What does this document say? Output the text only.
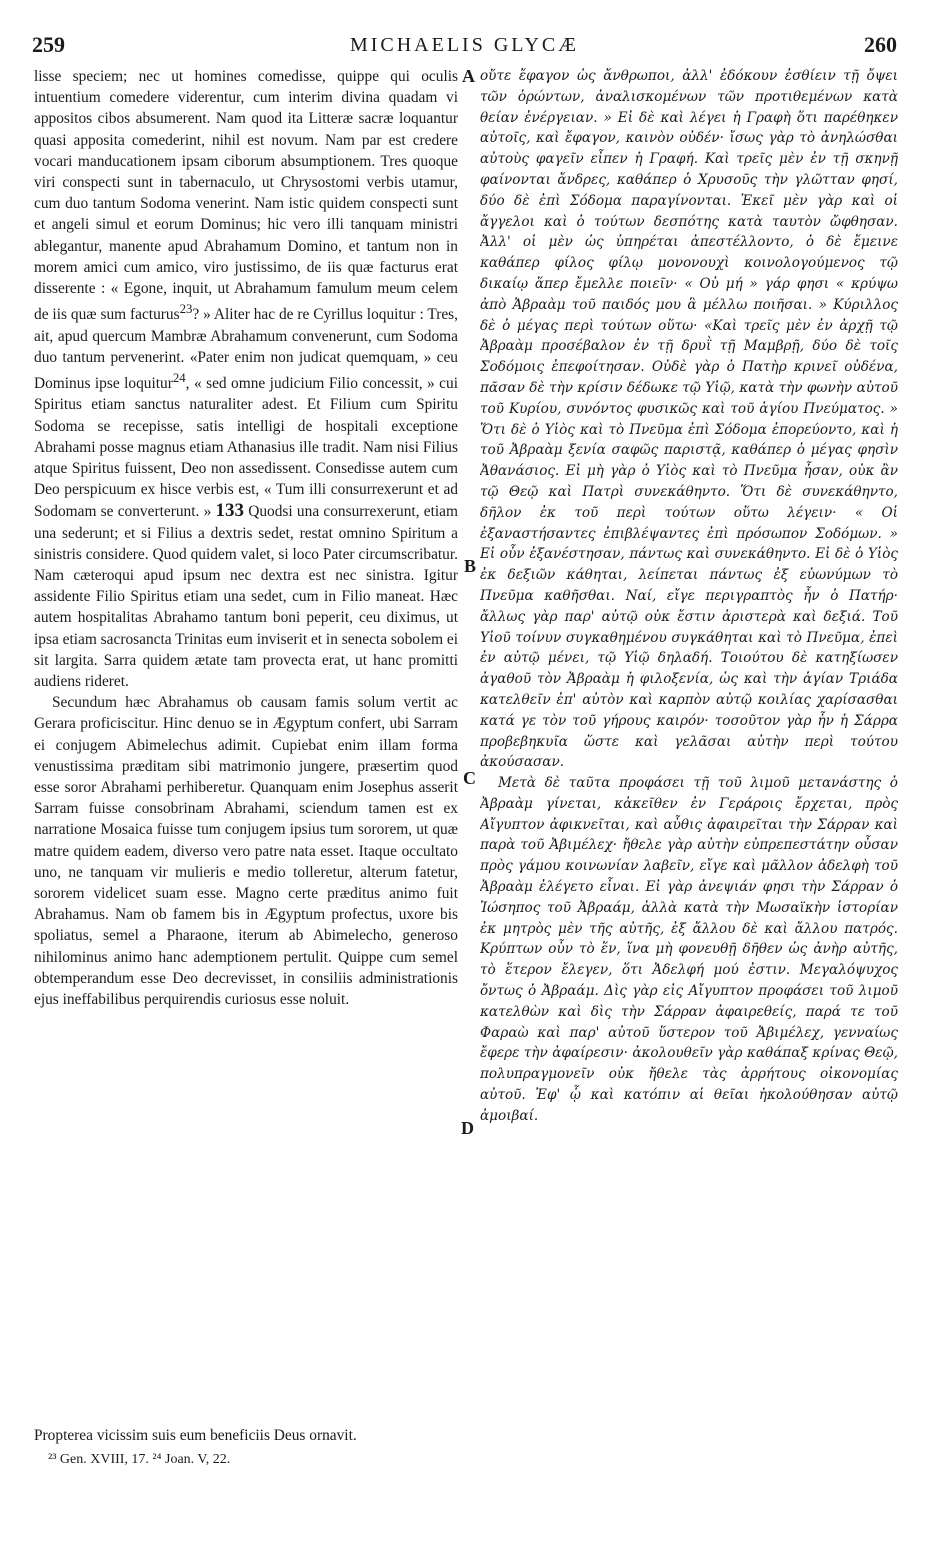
259	MICHAELIS GLYCÆ	260

lisse speciem; nec ut homines comedisse, quippe qui oculis intuentium comedere viderentur, cum interim divina quadam vi appositos cibos absumerent. Nam quod ita Litteræ sacræ loquantur quasi apposita comederint, nihil est novum. Nam par est credere vocari manducationem ipsam ciborum absumptionem. Tres quoque viri conspecti sunt in tabernaculo, ut Chrysostomi verbis utamur, cum duo tantum Sodoma venerint. Nam istic quidem conspecti sunt et angeli simul et eorum Dominus; hic vero illi tanquam ministri ablegantur, manente apud Abrahamum Domino, et tantum non in morem amici cum amico, viro justissimo, de iis quæ facturus erat disserente : « Egone, inquit, ut Abrahamum famulum meum celem de iis quæ sum facturus$^{23}$? » Aliter hac de re Cyrillus loquitur : Tres, ait, apud quercum Mambræ Abrahamum convenerunt, cum Sodoma duo tantum pervenerint. «Pater enim non judicat quemquam, » ceu Dominus ipse loquitur$^{24}$, « sed omne judicium Filio concessit, » cui Spiritus etiam sanctus naturaliter adest. Et Filium cum Spiritu Sodoma se recepisse, satis intelligi de hospitali exceptione Abrahami posse magnus etiam Athanasius ille tradit. Nam nisi Filius atque Spiritus fuissent, Deo non assedissent. Consedisse autem cum Deo perspicuum ex hisce verbis est, « Tum illi consurrexerunt et ad Sodomam se converterunt. » 133 Quodsi una consurrexerunt, etiam una sederunt; et si Filius a dextris sedet, restat omnino Spiritum a sinistris considere. Quod quidem valet, si loco Pater circumscribatur. Nam cæteroqui apud ipsum nec dextra est nec sinistra. Igitur assidente Filio Spiritus etiam una sedet, cum in Filio maneat. Hæc autem hospitalitas Abrahamo tantum boni peperit, ceu diximus, ut ipsa etiam sacrosancta Trinitas eum inviserit et in senecta sobolem ei sit largita. Sarra quidem ætate tam provecta erat, ut hanc promitti audiens rideret.

Secundum hæc Abrahamus ob causam famis solum vertit ac Gerara proficiscitur. Hinc denuo se in Ægyptum confert, ubi Sarram ei conjugem Abimelechus adimit. Cupiebat enim illam forma venustissima præditam sibi matrimonio jungere, præsertim quod esse soror Abrahami perhiberetur. Quanquam enim Josephus asserit Sarram fuisse consobrinam Abrahami, sciendum tamen est ex narratione Mosaica fuisse tum conjugem ipsius tum sororem, ut quæ matre quidem eadem, diverso vero patre nata esset. Itaque occultato uno, ne tanquam vir mulieris e medio tolleretur, alterum fatetur, sororem videlicet suam esse. Magno certe præditus animo fuit Abrahamus. Nam ob famem bis in Ægyptum profectus, uxore bis spoliatus, semel a Pharaone, iterum ab Abimelecho, generoso nihilominus animo hanc ademptionem pertulit. Quippe cum semel obtemperandum esse Deo decrevisset, in consiliis administrationis ejus ineffabilibus perquirendis curiosus esse noluit.

A
B
C
D

οὔτε ἔφαγον ὡς ἄνθρωποι, ἀλλ' ἐδόκουν ἐσθίειν τῇ ὄψει τῶν ὁρώντων, ἀναλισκομένων τῶν προτιθεμένων κατὰ θείαν ἐνέργειαν. » Εἰ δὲ καὶ λέγει ἡ Γραφὴ ὅτι παρέθηκεν αὐτοῖς, καὶ ἔφαγον, καινὸν οὐδέν· ἴσως γὰρ τὸ ἀνηλώσθαι αὐτοὺς φαγεῖν εἶπεν ἡ Γραφή. Καὶ τρεῖς μὲν ἐν τῇ σκηνῇ φαίνονται ἄνδρες, καθάπερ ὁ Χρυσοῦς τὴν γλῶτταν φησί, δύο δὲ ἐπὶ Σόδομα παραγίνονται. Ἐκεῖ μὲν γὰρ καὶ οἱ ἄγγελοι καὶ ὁ τούτων δεσπότης κατὰ ταυτὸν ὤφθησαν. Ἀλλ' οἱ μὲν ὡς ὑπηρέται ἀπεστέλλοντο, ὁ δὲ ἔμεινε καθάπερ φίλος φίλῳ μονονουχὶ κοινολογούμενος τῷ δικαίῳ ἅπερ ἔμελλε ποιεῖν· « Οὐ μή » γάρ φησι « κρύψω ἀπὸ Ἀβραὰμ τοῦ παιδός μου ἃ μέλλω ποιῆσαι. » Κύριλλος δὲ ὁ μέγας περὶ τούτων οὕτω· «Καὶ τρεῖς μὲν ἐν ἀρχῇ τῷ Ἀβραὰμ προσέβαλον ἐν τῇ δρυῒ τῇ Μαμβρῇ, δύο δὲ τοῖς Σοδόμοις ἐπεφοίτησαν. Οὐδὲ γὰρ ὁ Πατὴρ κρινεῖ οὐδένα, πᾶσαν δὲ τὴν κρίσιν δέδωκε τῷ Υἱῷ, κατὰ τὴν φωνὴν αὐτοῦ τοῦ Κυρίου, συνόντος φυσικῶς καὶ τοῦ ἁγίου Πνεύματος. » Ὅτι δὲ ὁ Υἱὸς καὶ τὸ Πνεῦμα ἐπὶ Σόδομα ἐπορεύοντο, καὶ ἡ τοῦ Ἀβραὰμ ξενία σαφῶς παριστᾷ, καθάπερ ὁ μέγας φησὶν Ἀθανάσιος. Εἰ μὴ γὰρ ὁ Υἱὸς καὶ τὸ Πνεῦμα ἦσαν, οὐκ ἂν τῷ Θεῷ καὶ Πατρὶ συνεκάθηντο. Ὅτι δὲ συνεκάθηντο, δῆλον ἐκ τοῦ περὶ τούτων οὕτω λέγειν· « Οἱ ἐξαναστήσαντες ἐπιβλέψαντες ἐπὶ πρόσωπον Σοδόμων. » Εἰ οὖν ἐξανέστησαν, πάντως καὶ συνεκάθηντο. Εἰ δὲ ὁ Υἱὸς ἐκ δεξιῶν κάθηται, λείπεται πάντως ἐξ εὐωνύμων τὸ Πνεῦμα καθῆσθαι. Ναί, εἴγε περιγραπτὸς ἦν ὁ Πατήρ· ἄλλως γὰρ παρ' αὐτῷ οὐκ ἔστιν ἀριστερὰ καὶ δεξιά. Τοῦ Υἱοῦ τοίνυν συγκαθημένου συγκάθηται καὶ τὸ Πνεῦμα, ἐπεὶ ἐν αὐτῷ μένει, τῷ Υἱῷ δηλαδή. Τοιούτου δὲ κατηξίωσεν ἀγαθοῦ τὸν Ἀβραὰμ ἡ φιλοξενία, ὡς καὶ τὴν ἁγίαν Τριάδα κατελθεῖν ἐπ' αὐτὸν καὶ καρπὸν αὐτῷ κοιλίας χαρίσασθαι κατά γε τὸν τοῦ γήρους καιρόν· τοσοῦτον γὰρ ἦν ἡ Σάρρα προβεβηκυῖα ὥστε καὶ γελᾶσαι αὐτὴν περὶ τούτου ἀκούσασαν.

Μετὰ δὲ ταῦτα προφάσει τῇ τοῦ λιμοῦ μετανάστης ὁ Ἀβραὰμ γίνεται, κἀκεῖθεν ἐν Γεράροις ἔρχεται, πρὸς Αἴγυπτον ἀφικνεῖται, καὶ αὖθις ἀφαιρεῖται τὴν Σάρραν καὶ παρὰ τοῦ Ἀβιμέλεχ· ἤθελε γὰρ αὐτὴν εὐπρεπεστάτην οὖσαν πρὸς γάμου κοινωνίαν λαβεῖν, εἴγε καὶ μᾶλλον ἀδελφὴ τοῦ Ἀβραὰμ ἐλέγετο εἶναι. Εἰ γὰρ ἀνεψιάν φησι τὴν Σάρραν ὁ Ἰώσηπος τοῦ Ἀβραάμ, ἀλλὰ κατὰ τὴν Μωσαϊκὴν ἱστορίαν ἐκ μητρὸς μὲν τῆς αὐτῆς, ἐξ ἄλλου δὲ καὶ ἄλλου πατρός. Κρύπτων οὖν τὸ ἕν, ἵνα μὴ φονευθῇ δῆθεν ὡς ἀνὴρ αὐτῆς, τὸ ἕτερον ἔλεγεν, ὅτι Ἀδελφή μού ἐστιν. Μεγαλόψυχος ὄντως ὁ Ἀβραάμ. Δὶς γὰρ εἰς Αἴγυπτον προφάσει τοῦ λιμοῦ κατελθὼν καὶ δὶς τὴν Σάρραν ἀφαιρεθείς, παρά τε τοῦ Φαραὼ καὶ παρ' αὐτοῦ ὕστερον τοῦ Ἀβιμέλεχ, γενναίως ἔφερε τὴν ἀφαίρεσιν· ἀκολουθεῖν γὰρ καθάπαξ κρίνας Θεῷ, πολυπραγμονεῖν οὐκ ἤθελε τὰς ἀρρήτους οἰκονομίας αὐτοῦ. Ἐφ' ᾧ καὶ κατόπιν αἱ θεῖαι ἠκολούθησαν αὐτῷ ἀμοιβαί.

Propterea vicissim suis eum beneficiis Deus ornavit.
²³ Gen. XVIII, 17. ²⁴ Joan. V, 22.
